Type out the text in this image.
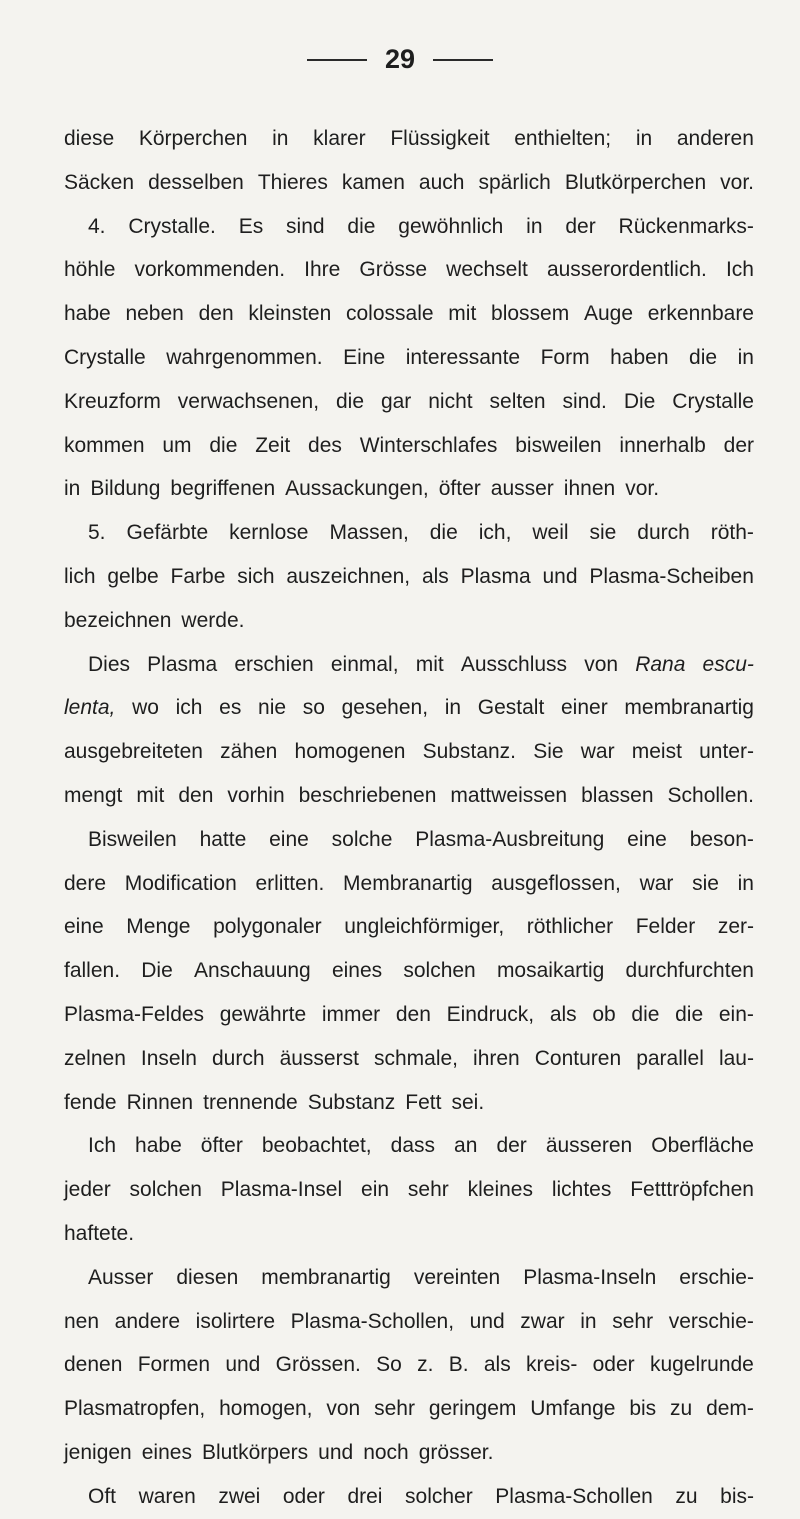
29
diese Körperchen in klarer Flüssigkeit enthielten; in anderen
Säcken desselben Thieres kamen auch spärlich Blutkörperchen vor.
4. Crystalle. Es sind die gewöhnlich in der Rückenmarks-
höhle vorkommenden. Ihre Grösse wechselt ausserordentlich. Ich
habe neben den kleinsten colossale mit blossem Auge erkennbare
Crystalle wahrgenommen. Eine interessante Form haben die in
Kreuzform verwachsenen, die gar nicht selten sind. Die Crystalle
kommen um die Zeit des Winterschlafes bisweilen innerhalb der
in Bildung begriffenen Aussackungen, öfter ausser ihnen vor.
5. Gefärbte kernlose Massen, die ich, weil sie durch röth-
lich gelbe Farbe sich auszeichnen, als Plasma und Plasma-Scheiben
bezeichnen werde.
Dies Plasma erschien einmal, mit Ausschluss von Rana escu-
lenta, wo ich es nie so gesehen, in Gestalt einer membranartig
ausgebreiteten zähen homogenen Substanz. Sie war meist unter-
mengt mit den vorhin beschriebenen mattweissen blassen Schollen.
Bisweilen hatte eine solche Plasma-Ausbreitung eine beson-
dere Modification erlitten. Membranartig ausgeflossen, war sie in
eine Menge polygonaler ungleichförmiger, röthlicher Felder zer-
fallen. Die Anschauung eines solchen mosaikartig durchfurchten
Plasma-Feldes gewährte immer den Eindruck, als ob die die ein-
zelnen Inseln durch äusserst schmale, ihren Conturen parallel lau-
fende Rinnen trennende Substanz Fett sei.
Ich habe öfter beobachtet, dass an der äusseren Oberfläche
jeder solchen Plasma-Insel ein sehr kleines lichtes Fetttröpfchen
haftete.
Ausser diesen membranartig vereinten Plasma-Inseln erschie-
nen andere isolirtere Plasma-Schollen, und zwar in sehr verschie-
denen Formen und Grössen. So z. B. als kreis- oder kugelrunde
Plasmatropfen, homogen, von sehr geringem Umfange bis zu dem-
jenigen eines Blutkörpers und noch grösser.
Oft waren zwei oder drei solcher Plasma-Schollen zu bis-
